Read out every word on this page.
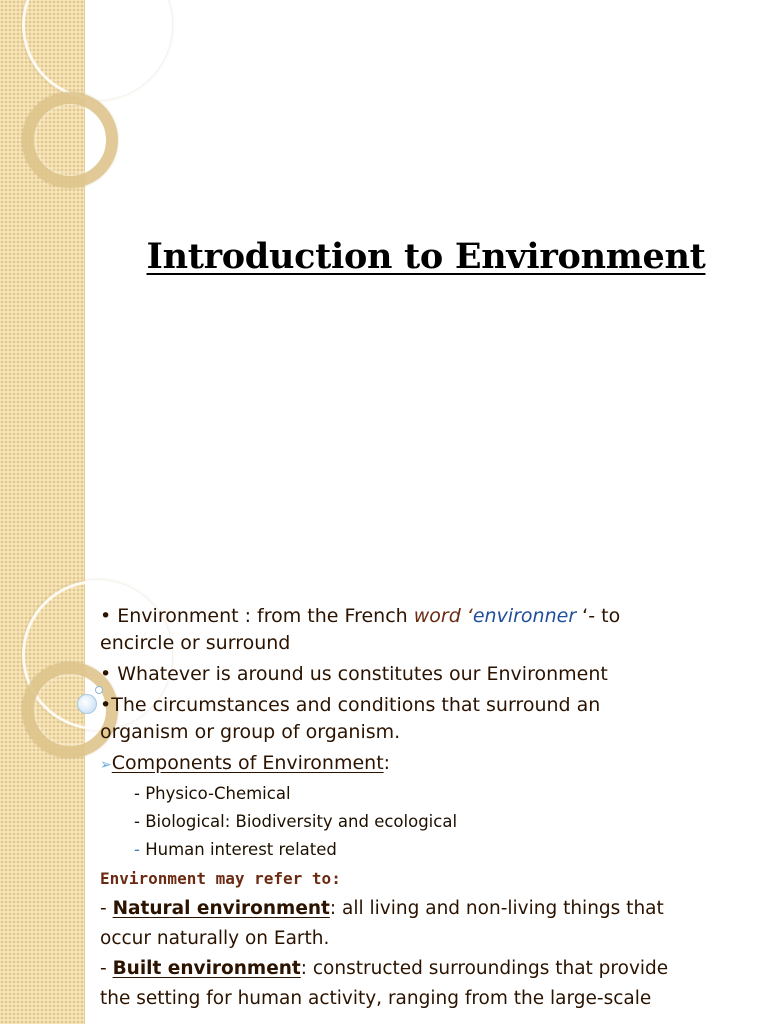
Introduction to Environment

• Environment : from the French word ‘environner ‘- to

encircle or surround

• Whatever is around us constitutes our Environment

•The circumstances and conditions that surround an

organism or group of organism.

➢Components of Environment:

- Physico-Chemical

- Biological: Biodiversity and ecological

- Human interest related

Environment may refer to:

- Natural environment: all living and non-living things that

occur naturally on Earth.

- Built environment: constructed surroundings that provide

the setting for human activity, ranging from the large-scale
